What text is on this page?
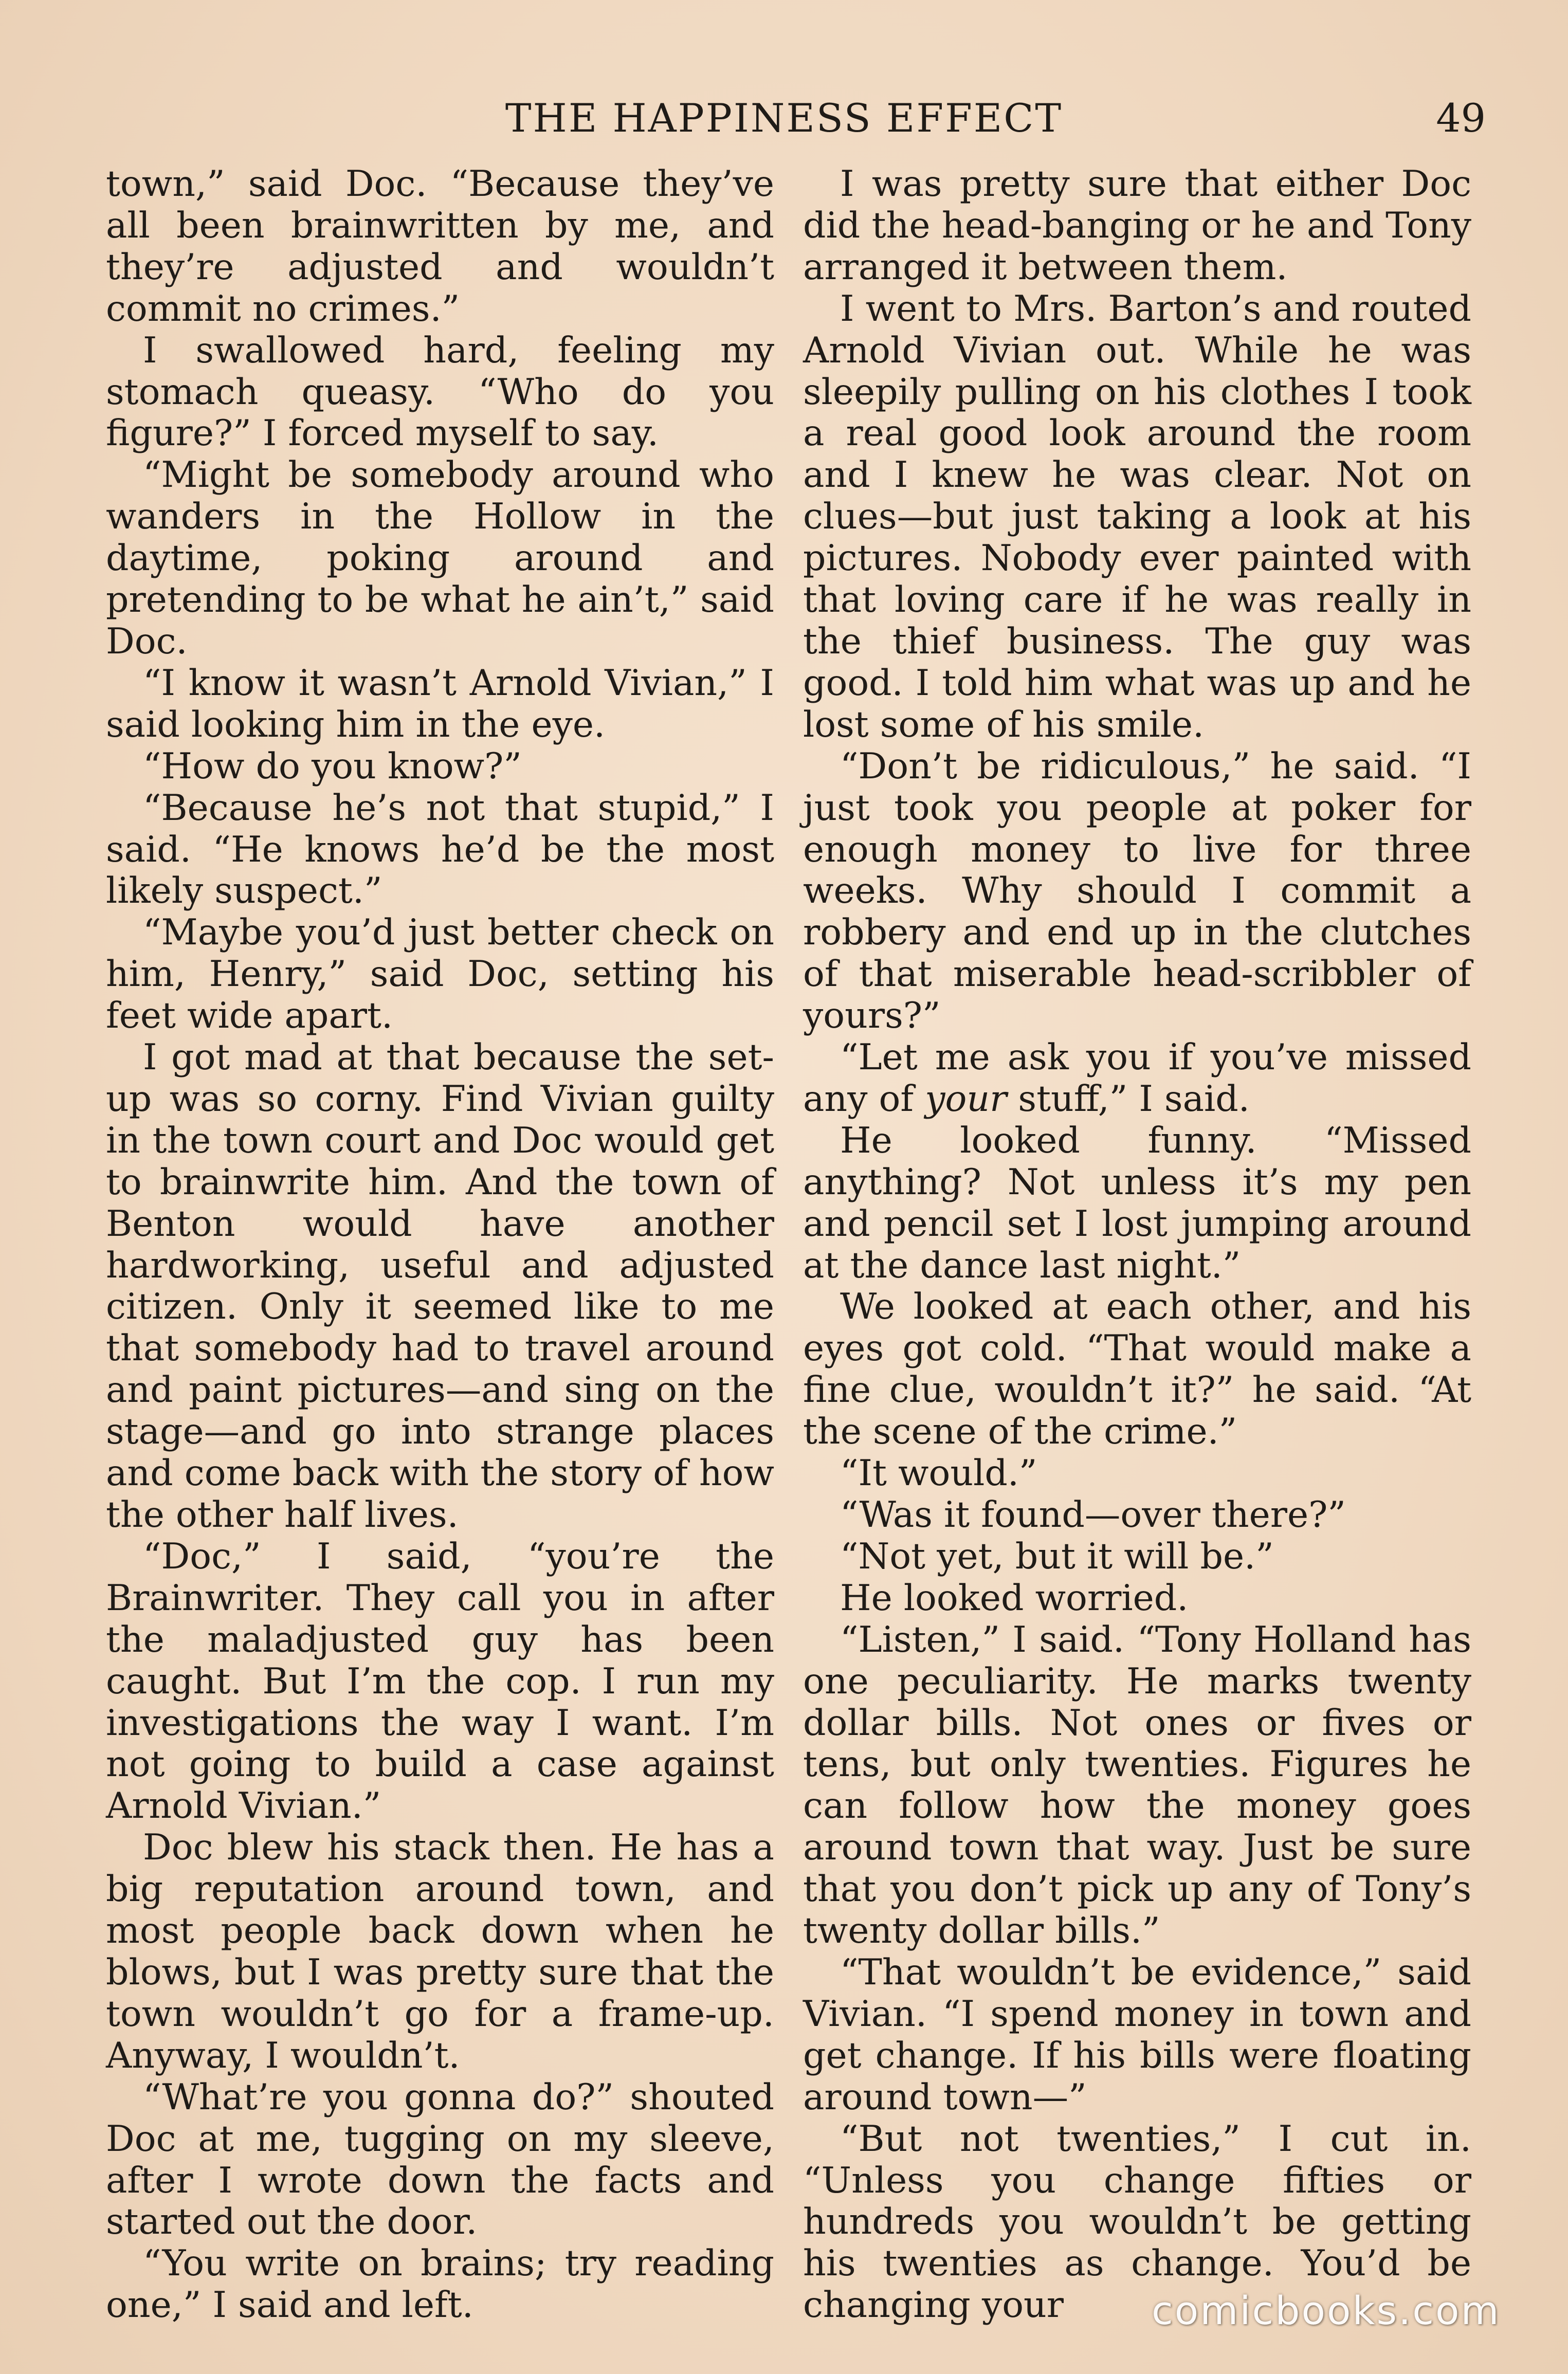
THE HAPPINESS EFFECT	49

town,” said Doc. “Because they’ve all been brainwritten by me, and they’re adjusted and wouldn’t commit no crimes.”

I swallowed hard, feeling my stomach queasy. “Who do you figure?” I forced myself to say.

“Might be somebody around who wanders in the Hollow in the daytime, poking around and pretending to be what he ain’t,” said Doc.

“I know it wasn’t Arnold Vivian,” I said looking him in the eye.

“How do you know?”

“Because he’s not that stupid,” I said. “He knows he’d be the most likely suspect.”

“Maybe you’d just better check on him, Henry,” said Doc, setting his feet wide apart.

I got mad at that because the set-up was so corny. Find Vivian guilty in the town court and Doc would get to brainwrite him. And the town of Benton would have another hardworking, useful and adjusted citizen. Only it seemed like to me that somebody had to travel around and paint pictures—and sing on the stage—and go into strange places and come back with the story of how the other half lives.

“Doc,” I said, “you’re the Brainwriter. They call you in after the maladjusted guy has been caught. But I’m the cop. I run my investigations the way I want. I’m not going to build a case against Arnold Vivian.”

Doc blew his stack then. He has a big reputation around town, and most people back down when he blows, but I was pretty sure that the town wouldn’t go for a frame-up. Anyway, I wouldn’t.

“What’re you gonna do?” shouted Doc at me, tugging on my sleeve, after I wrote down the facts and started out the door.

“You write on brains; try reading one,” I said and left.

I was pretty sure that either Doc did the head-banging or he and Tony arranged it between them.

I went to Mrs. Barton’s and routed Arnold Vivian out. While he was sleepily pulling on his clothes I took a real good look around the room and I knew he was clear. Not on clues—but just taking a look at his pictures. Nobody ever painted with that loving care if he was really in the thief business. The guy was good. I told him what was up and he lost some of his smile.

“Don’t be ridiculous,” he said. “I just took you people at poker for enough money to live for three weeks. Why should I commit a robbery and end up in the clutches of that miserable head-scribbler of yours?”

“Let me ask you if you’ve missed any of your stuff,” I said.

He looked funny. “Missed anything? Not unless it’s my pen and pencil set I lost jumping around at the dance last night.”

We looked at each other, and his eyes got cold. “That would make a fine clue, wouldn’t it?” he said. “At the scene of the crime.”

“It would.”

“Was it found—over there?”

“Not yet, but it will be.”

He looked worried.

“Listen,” I said. “Tony Holland has one peculiarity. He marks twenty dollar bills. Not ones or fives or tens, but only twenties. Figures he can follow how the money goes around town that way. Just be sure that you don’t pick up any of Tony’s twenty dollar bills.”

“That wouldn’t be evidence,” said Vivian. “I spend money in town and get change. If his bills were floating around town—”

“But not twenties,” I cut in. “Unless you change fifties or hundreds you wouldn’t be getting his twenties as change. You’d be changing your	comicbooks.com
